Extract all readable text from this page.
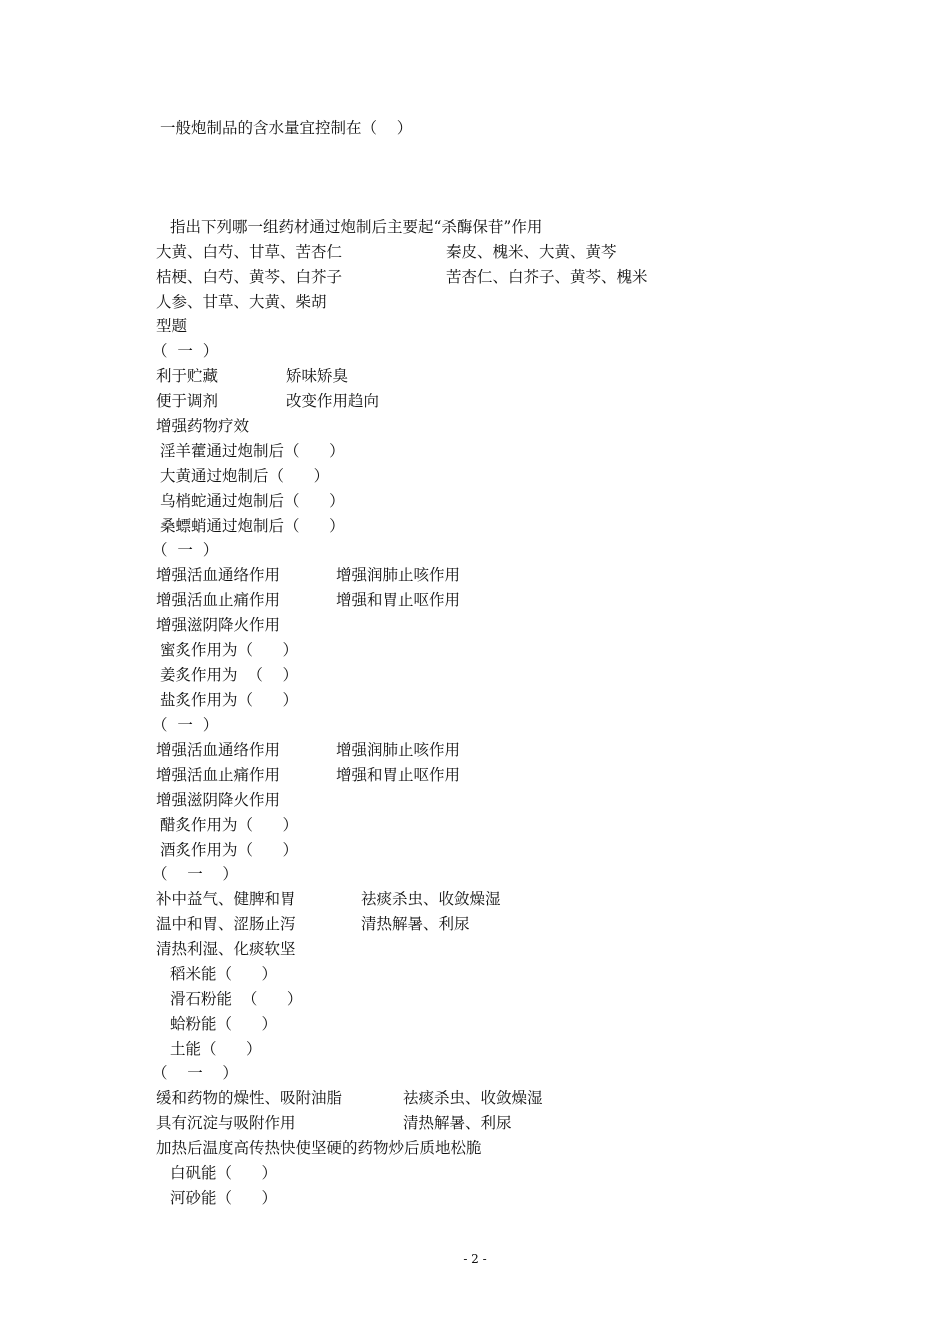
一般炮制品的含水量宜控制在（    ）
指出下列哪一组药材通过炮制后主要起“杀酶保苷”作用
大黄、白芍、甘草、苦杏仁	秦皮、槐米、大黄、黄芩
桔梗、白芍、黄芩、白芥子	苦杏仁、白芥子、黄芩、槐米
人参、甘草、大黄、柴胡
型题
（  一  ）
利于贮藏	矫味矫臭
便于调剂	改变作用趋向
增强药物疗效
淫羊藿通过炮制后（      ）
大黄通过炮制后（      ）
乌梢蛇通过炮制后（      ）
桑螵蛸通过炮制后（      ）
（  一  ）
增强活血通络作用	增强润肺止咳作用
增强活血止痛作用	增强和胃止呕作用
增强滋阴降火作用
蜜炙作用为（      ）
姜炙作用为  （    ）
盐炙作用为（      ）
（  一  ）
增强活血通络作用	增强润肺止咳作用
增强活血止痛作用	增强和胃止呕作用
增强滋阴降火作用
醋炙作用为（      ）
酒炙作用为（      ）
（    一    ）
补中益气、健脾和胃	祛痰杀虫、收敛燥湿
温中和胃、涩肠止泻	清热解暑、利尿
清热利湿、化痰软坚
稻米能（      ）
滑石粉能  （      ）
蛤粉能（      ）
土能（      ）
（    一    ）
缓和药物的燥性、吸附油脂	祛痰杀虫、收敛燥湿
具有沉淀与吸附作用	清热解暑、利尿
加热后温度高传热快使坚硬的药物炒后质地松脆
白矾能（      ）
河砂能（      ）
- 2 -
